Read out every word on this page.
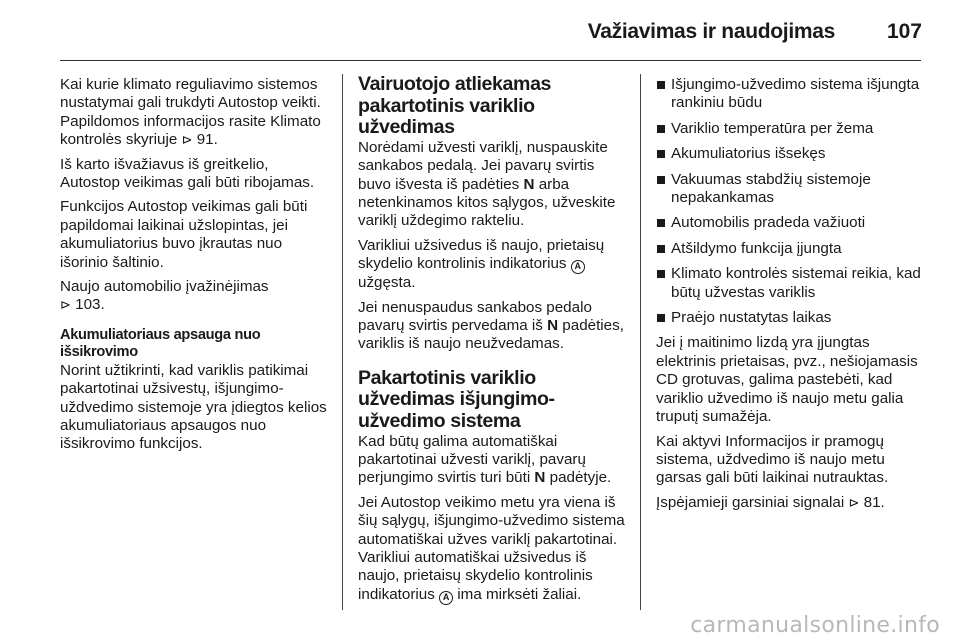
Važiavimas ir naudojimas 107

Kai kurie klimato reguliavimo sistemos nustatymai gali trukdyti Autostop veikti. Papildomos informacijos rasite Klimato kontrolės skyriuje ⊳ 91.

Iš karto išvažiavus iš greitkelio, Autostop veikimas gali būti ribojamas.

Funkcijos Autostop veikimas gali būti papildomai laikinai užslopintas, jei akumuliatorius buvo įkrautas nuo išorinio šaltinio.

Naujo automobilio įvažinėjimas
⊳ 103.

Akumuliatoriaus apsauga nuo išsikrovimo

Norint užtikrinti, kad variklis patikimai pakartotinai užsivestų, išjungimo-uždvedimo sistemoje yra įdiegtos kelios akumuliatoriaus apsaugos nuo išsikrovimo funkcijos.

Vairuotojo atliekamas pakartotinis variklio užvedimas

Norėdami užvesti variklį, nuspauskite sankabos pedalą. Jei pavarų svirtis buvo išvesta iš padėties N arba netenkinamos kitos sąlygos, užveskite variklį uždegimo rakteliu.

Varikliui užsivedus iš naujo, prietaisų skydelio kontrolinis indikatorius A
užgęsta.

Jei nenuspaudus sankabos pedalo pavarų svirtis pervedama iš N padėties, variklis iš naujo neužvedamas.

Pakartotinis variklio užvedimas išjungimo-užvedimo sistema

Kad būtų galima automatiškai pakartotinai užvesti variklį, pavarų perjungimo svirtis turi būti N padėtyje.

Jei Autostop veikimo metu yra viena iš šių sąlygų, išjungimo-užvedimo sistema automatiškai užves variklį pakartotinai. Varikliui automatiškai užsivedus iš naujo, prietaisų skydelio kontrolinis indikatorius A ima mirksėti žaliai.

Išjungimo-užvedimo sistema išjungta rankiniu būdu
Variklio temperatūra per žema
Akumuliatorius išsekęs
Vakuumas stabdžių sistemoje nepakankamas
Automobilis pradeda važiuoti
Atšildymo funkcija įjungta
Klimato kontrolės sistemai reikia, kad būtų užvestas variklis
Praėjo nustatytas laikas

Jei į maitinimo lizdą yra įjungtas elektrinis prietaisas, pvz., nešiojamasis CD grotuvas, galima pastebėti, kad variklio užvedimo iš naujo metu galia truputį sumažėja.

Kai aktyvi Informacijos ir pramogų sistema, uždvedimo iš naujo metu garsas gali būti laikinai nutrauktas.

Įspėjamieji garsiniai signalai ⊳ 81.

carmanualsonline.info
